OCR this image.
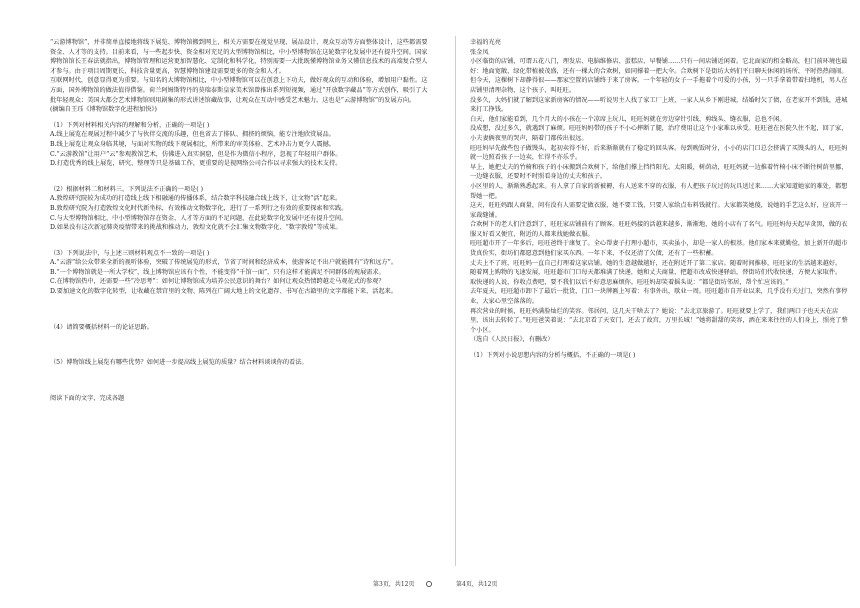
“云游博物馆”，并非简单直接地将线下展览、博物馆搬到网上，相关方需要在视觉呈现、展品设计、观众互动等方面整体设计，这些都需要资金、人才等的支持。目前来看，与一些起步快、资金相对充足的大型博物馆相比，中小型博物馆在这轮数字化发展中还有提升空间。国家博物馆馆长王春法就指出，博物馆管理和运营更加智慧化、定制化和科学化，特别需要一大批既懂博物馆业务又懂信息技术的高端复合型人才参与。由于项目周期更长，科技含量更高，智慧博物馆建设需要更多的资金和人才。

互联网时代，创意显得更为重要。与知名的大博物馆相比，中小型博物馆可以在创意上下功夫，做好观众的互动和体验，增加用户黏性。这方面，国外博物馆的做法值得借鉴。荷兰阿姆斯特丹的莫瑞泰斯皇家美术馆曾推出系列短视频，通过“开放数字藏品”等方式创作，吸引了大批年轻观众；美国大都会艺术博物馆则用剧集的形式讲述馆藏故事，让观众在互动中感受艺术魅力。这也是“云游博物馆”的发展方向。

(摘编自王珏《博物馆数字化进程加快》)

（1）下列对材料相关内容的理解和分析，正确的一项是( )

A.线上展览在观展过程中减少了与伙伴交流的乐趣，但也省去了排队、拥挤的烦恼，能专注地欣赏展品。

B.线上展览让观众身临其境，与面对实物的线下观展相比，所带来的审美体验、艺术冲击力更令人震撼。

C.“云游教馆”让用户“云”参观教馆艺术，仿佛进入真实洞窟，但是作为微信小程序，忽视了年轻用户群体。

D.打造优秀的线上展览，研究、整理等只是基础工作，更重要的是视网络公司合作以寻求强大的技术支持。

（2）根据材料二和材料三，下列说法不正确的一项是( )

A.敦煌研究院较为成功的打造线上线下相融通的传播体系，结合数字科技融合线上线下，让文物“活”起来。

B.敦煌研究院为打造敦煌文化时代新坐标，有效推动文物数字化，进行了一系列行之有效的重要探索和实践。

C.与大型博物馆相比，中小型博物馆存在资金、人才等方面的不足问题，在此轮数字化发展中还有提升空间。

D.如果没有这次新冠肺炎疫情带来的挑战和推动力，敦煌文化就不会汇集文物数字化、“数字敦煌”等成果。

（3）下列说法中，与上述三则材料观点不一致的一项是( )

A.“云游”给公众带来全新的视听体验，突破了传统展览的形式，节省了时间和经济成本，使游客足不出户就能拥有“诗和远方”。

B.“一个博物馆就是一所大学校”，线上博物馆应该有个性，不能变得“千馆一面”，只有这样才能满足不同群体的观展需求。

C.在博物馆热中，还需要一些“冷思考”：如何让博物馆成为培养公民意识的舞台？如何让观众热情跨越走马观花式的参观？

D.要加速文化的数字化转型，让收藏在禁宫里的文物、陈列在广阔大地上的文化遗存、书写在古籍里的文字都能下来、活起来。

（4）请简要概括材料一的论证思路。

（5）博物馆线上展览有哪些优势？如何进一步提高线上展览的质量？结合材料谈谈你的看法。

阅读下面的文字，完成各题

幸福的光亮

张金凤

小区临街的店铺，可谓五花八门，理发店、电脑维修店、蛋糕店、早餐铺……只有一间店铺近闲着。它北面家的租金略高，但门前环境也最好：地面宽敞，绿化带植被茂盛，还有一棵大的合欢树，如同撑着一把大伞。合欢树下是街坊大妈们平日聊天休闲的场所，平时热热闹闹。但今天，这棵树下却静得很——那家空置的店铺终于来了房客。一个年轻的女子一手拖着个可爱的小孩，另一只手拿着带着扫地机，男人在店铺里清理杂物，这个孩子，叫旺旺。

没多久，大妈们就了解到这家新房客的情况——听说男主人找了家工厂上班，一家人从乡下刚进城，结婚时欠了债，在老家开不到钱，进城来打工挣钱。

白天，他们家能看到，几个月大的小孩在一个凉席上玩儿，旺旺妈就在旁边穿针引线、剪线头、缝衣服，总也不闲。

没成想，没过多久，就遇到了麻烦。旺旺妈妈带的孩子不小心摔断了腿，治疗费用让这个小家难以承受。旺旺爸在医院久住不起，回了家，小夫妻俩夜里的哭声，隔着门都传出很远。

旺旺妈早先做些包子做馒头，起初卖得不好，后来渐渐就有了稳定的回头客。每到晚饭时分，小小的店门口总会挤满了买馒头的人，旺旺妈就一边照看孩子一边卖，忙得不亦乐乎。

早上，她把丈夫的竹椅和孩子的小床搬到合欢树下，给他们撑上挡挡阳光。太阳暖，树荫动，旺旺妈就一边推着竹椅小床不断往树荫里挪，一边缝衣服，还要时不时照看身边的丈夫和孩子。

小区里的人，渐渐熟悉起来。有人拿了自家的新被褥，有人送来不穿的衣服，有人把孩子玩过的玩具送过来……大家知道她家的难处，都想帮她一把。

这天，旺旺妈跟人商量，问有没有人需要定做衣服，她不要工钱，只要人家给点布料钱就行。大家都笑她傻，说她的手艺这么好，应该开一家裁缝铺。

合欢树下的老人们注意到了，旺旺家店铺前有了顾客。旺旺妈接的活越来越多，渐渐地，她的小店有了名气。旺旺妈每天起早贪黑，做的衣服又好看又便宜，附近的人都来找她做衣服。

旺旺超市开了一年多后，旺旺爸终于康复了。全心帮妻子打理小超市，买卖虽小，却是一家人的根基。他们家本来就勤俭，加上新开的超市货真价实，街坊们都愿意到他们家买东西。一年下来，不仅还清了欠债，还有了一些积蓄。

丈夫上不了班，旺旺妈一直自己打理着这家店铺。她的生意越做越好，还在附近开了第二家店。随着时间推移，旺旺家的生活越来越好。

随着网上购物的飞速发展，旺旺超市门口每天都堆满了快递，她和丈夫商量，把超市改成快递驿站，替街坊们代收快递，方便大家取件。

取快递的人说，你收点费吧，要不我们以后不好意思麻烦你。旺旺妈却笑着摇头说：“都是街坊邻居，帮个忙应该的。”

去年夏天，旺旺超市卸下了最后一批货，门口一块牌匾上写着：有事外出，歇业一周。旺旺超市自开业以来，几乎没有关过门，突然有事停业，大家心里空落落的。

再次营业的时候，旺旺妈满脸灿烂的笑容。邻居问，这几天干啥去了？她说：“去北京旅游了。旺旺就要上学了，我们两口子也天天在店里，该出去转转了。”旺旺爸笑着说：“去北京看了天安门，还去了故宫，万里长城！”她将甜甜的笑容，洒在来来往往的人们身上，照亮了整个小区。

（选自《人民日报》，有删改）

（1）下列对小说思想内容的分析与概括，不正确的一项是( )

第3页，共12页	第4页，共12页
